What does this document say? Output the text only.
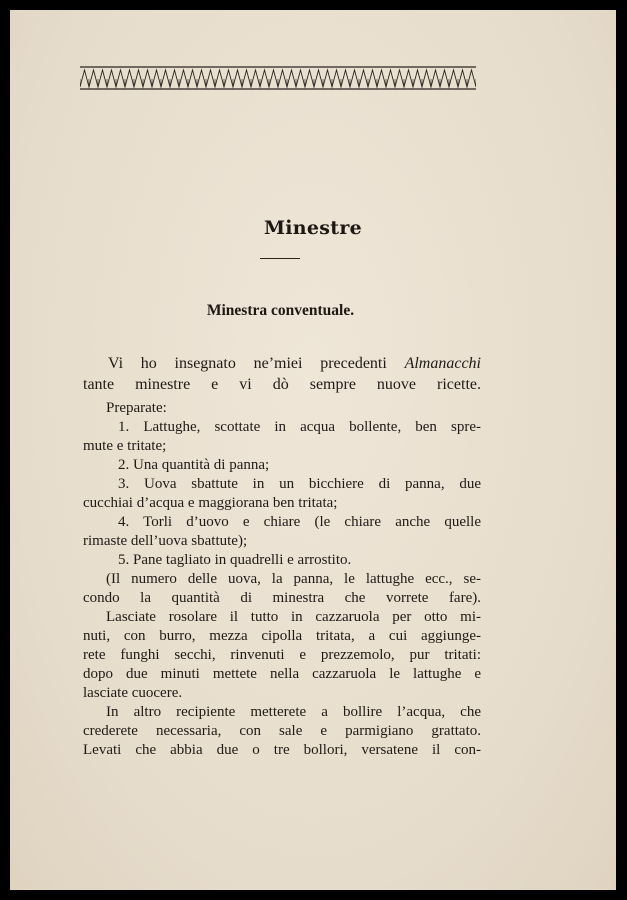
Minestre
Minestra conventuale.
Vi ho insegnato ne’miei precedenti Almanacchi
tante minestre e vi dò sempre nuove ricette.
Preparate:
1. Lattughe, scottate in acqua bollente, ben spre-
mute e tritate;
2. Una quantità di panna;
3. Uova sbattute in un bicchiere di panna, due
cucchiai d’acqua e maggiorana ben tritata;
4. Torli d’uovo e chiare (le chiare anche quelle
rimaste dell’uova sbattute);
5. Pane tagliato in quadrelli e arrostito.
(Il numero delle uova, la panna, le lattughe ecc., se-
condo la quantità di minestra che vorrete fare).
Lasciate rosolare il tutto in cazzaruola per otto mi-
nuti, con burro, mezza cipolla tritata, a cui aggiunge-
rete funghi secchi, rinvenuti e prezzemolo, pur tritati:
dopo due minuti mettete nella cazzaruola le lattughe e
lasciate cuocere.
In altro recipiente metterete a bollire l’acqua, che
crederete necessaria, con sale e parmigiano grattato.
Levati che abbia due o tre bollori, versatene il con-
